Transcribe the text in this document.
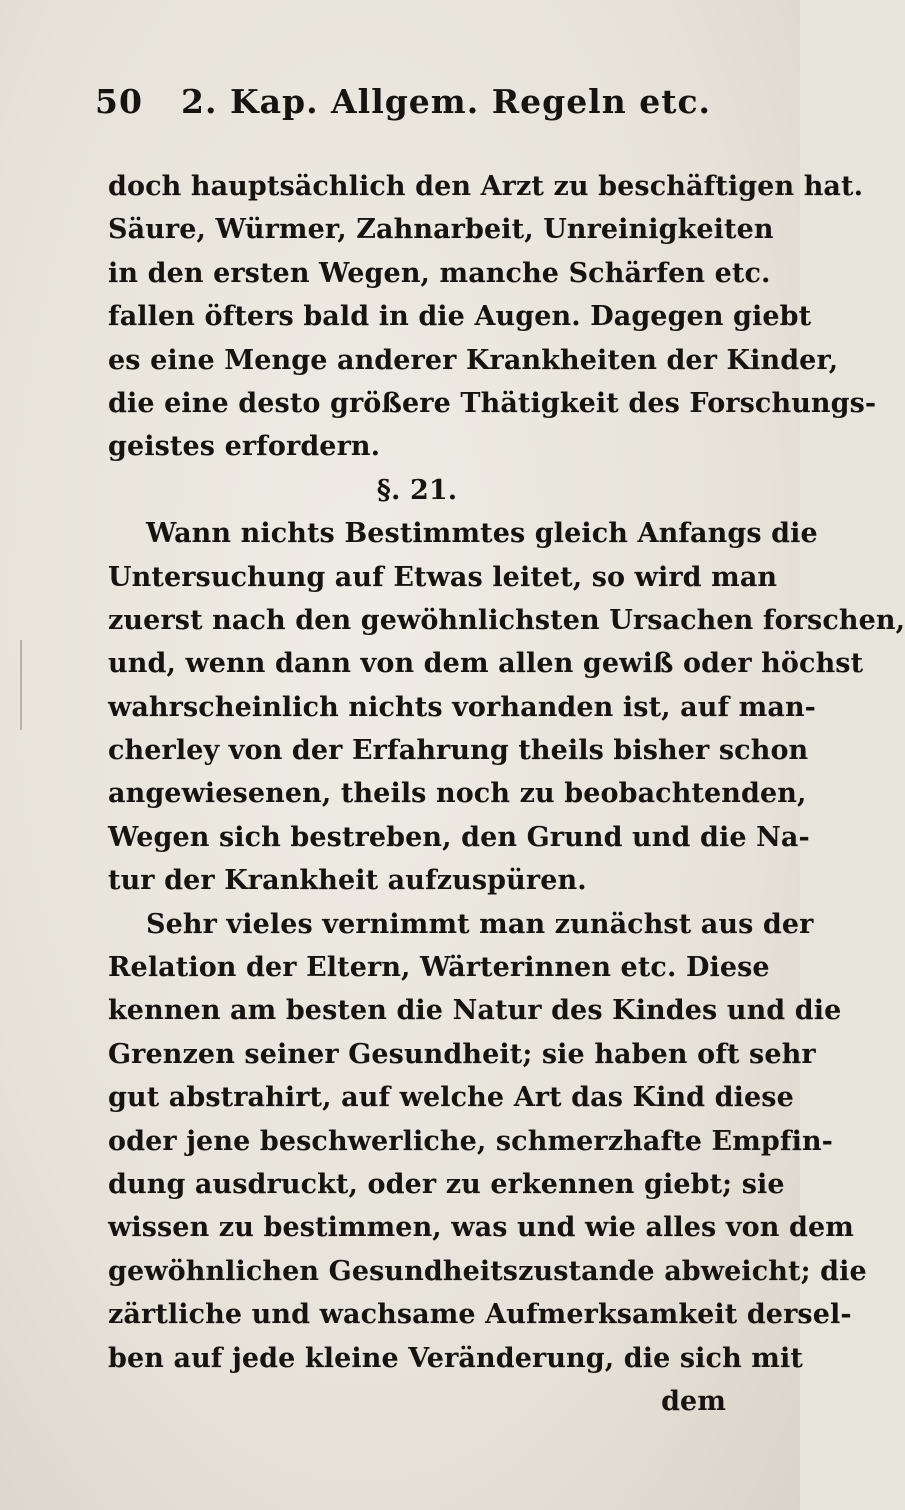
50 2. Kap. Allgem. Regeln etc.
doch hauptsächlich den Arzt zu beschäftigen hat.
Säure, Würmer, Zahnarbeit, Unreinigkeiten
in den ersten Wegen, manche Schärfen etc.
fallen öfters bald in die Augen. Dagegen giebt
es eine Menge anderer Krankheiten der Kinder,
die eine desto größere Thätigkeit des Forschungs-
geistes erfordern.
§. 21.
Wann nichts Bestimmtes gleich Anfangs die
Untersuchung auf Etwas leitet, so wird man
zuerst nach den gewöhnlichsten Ursachen forschen,
und, wenn dann von dem allen gewiß oder höchst
wahrscheinlich nichts vorhanden ist, auf man-
cherley von der Erfahrung theils bisher schon
angewiesenen, theils noch zu beobachtenden,
Wegen sich bestreben, den Grund und die Na-
tur der Krankheit aufzuspüren.
Sehr vieles vernimmt man zunächst aus der
Relation der Eltern, Wärterinnen etc. Diese
kennen am besten die Natur des Kindes und die
Grenzen seiner Gesundheit; sie haben oft sehr
gut abstrahirt, auf welche Art das Kind diese
oder jene beschwerliche, schmerzhafte Empfin-
dung ausdruckt, oder zu erkennen giebt; sie
wissen zu bestimmen, was und wie alles von dem
gewöhnlichen Gesundheitszustande abweicht; die
zärtliche und wachsame Aufmerksamkeit dersel-
ben auf jede kleine Veränderung, die sich mit
dem
